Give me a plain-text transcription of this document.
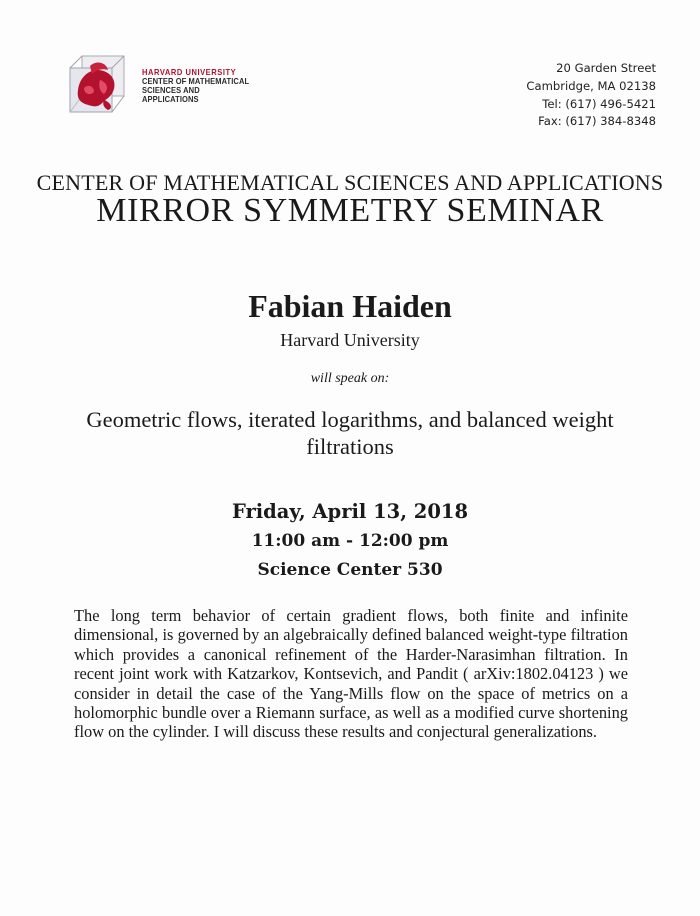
HARVARD UNIVERSITY
CENTER OF MATHEMATICAL
SCIENCES AND APPLICATIONS
20 Garden Street
Cambridge, MA 02138
Tel: (617) 496-5421
Fax: (617) 384-8348
CENTER OF MATHEMATICAL SCIENCES AND APPLICATIONS
MIRROR SYMMETRY SEMINAR
Fabian Haiden
Harvard University
will speak on:
Geometric flows, iterated logarithms, and balanced weight filtrations
Friday, April 13, 2018
11:00 am - 12:00 pm
Science Center 530
The long term behavior of certain gradient flows, both finite and infinite dimensional, is governed by an algebraically defined balanced weight-type filtration which provides a canonical refinement of the Harder-Narasimhan filtration. In recent joint work with Katzarkov, Kontsevich, and Pandit ( arXiv:1802.04123 ) we consider in detail the case of the Yang-Mills flow on the space of metrics on a holomorphic bundle over a Riemann surface, as well as a modified curve shortening flow on the cylinder. I will discuss these results and conjectural generalizations.
